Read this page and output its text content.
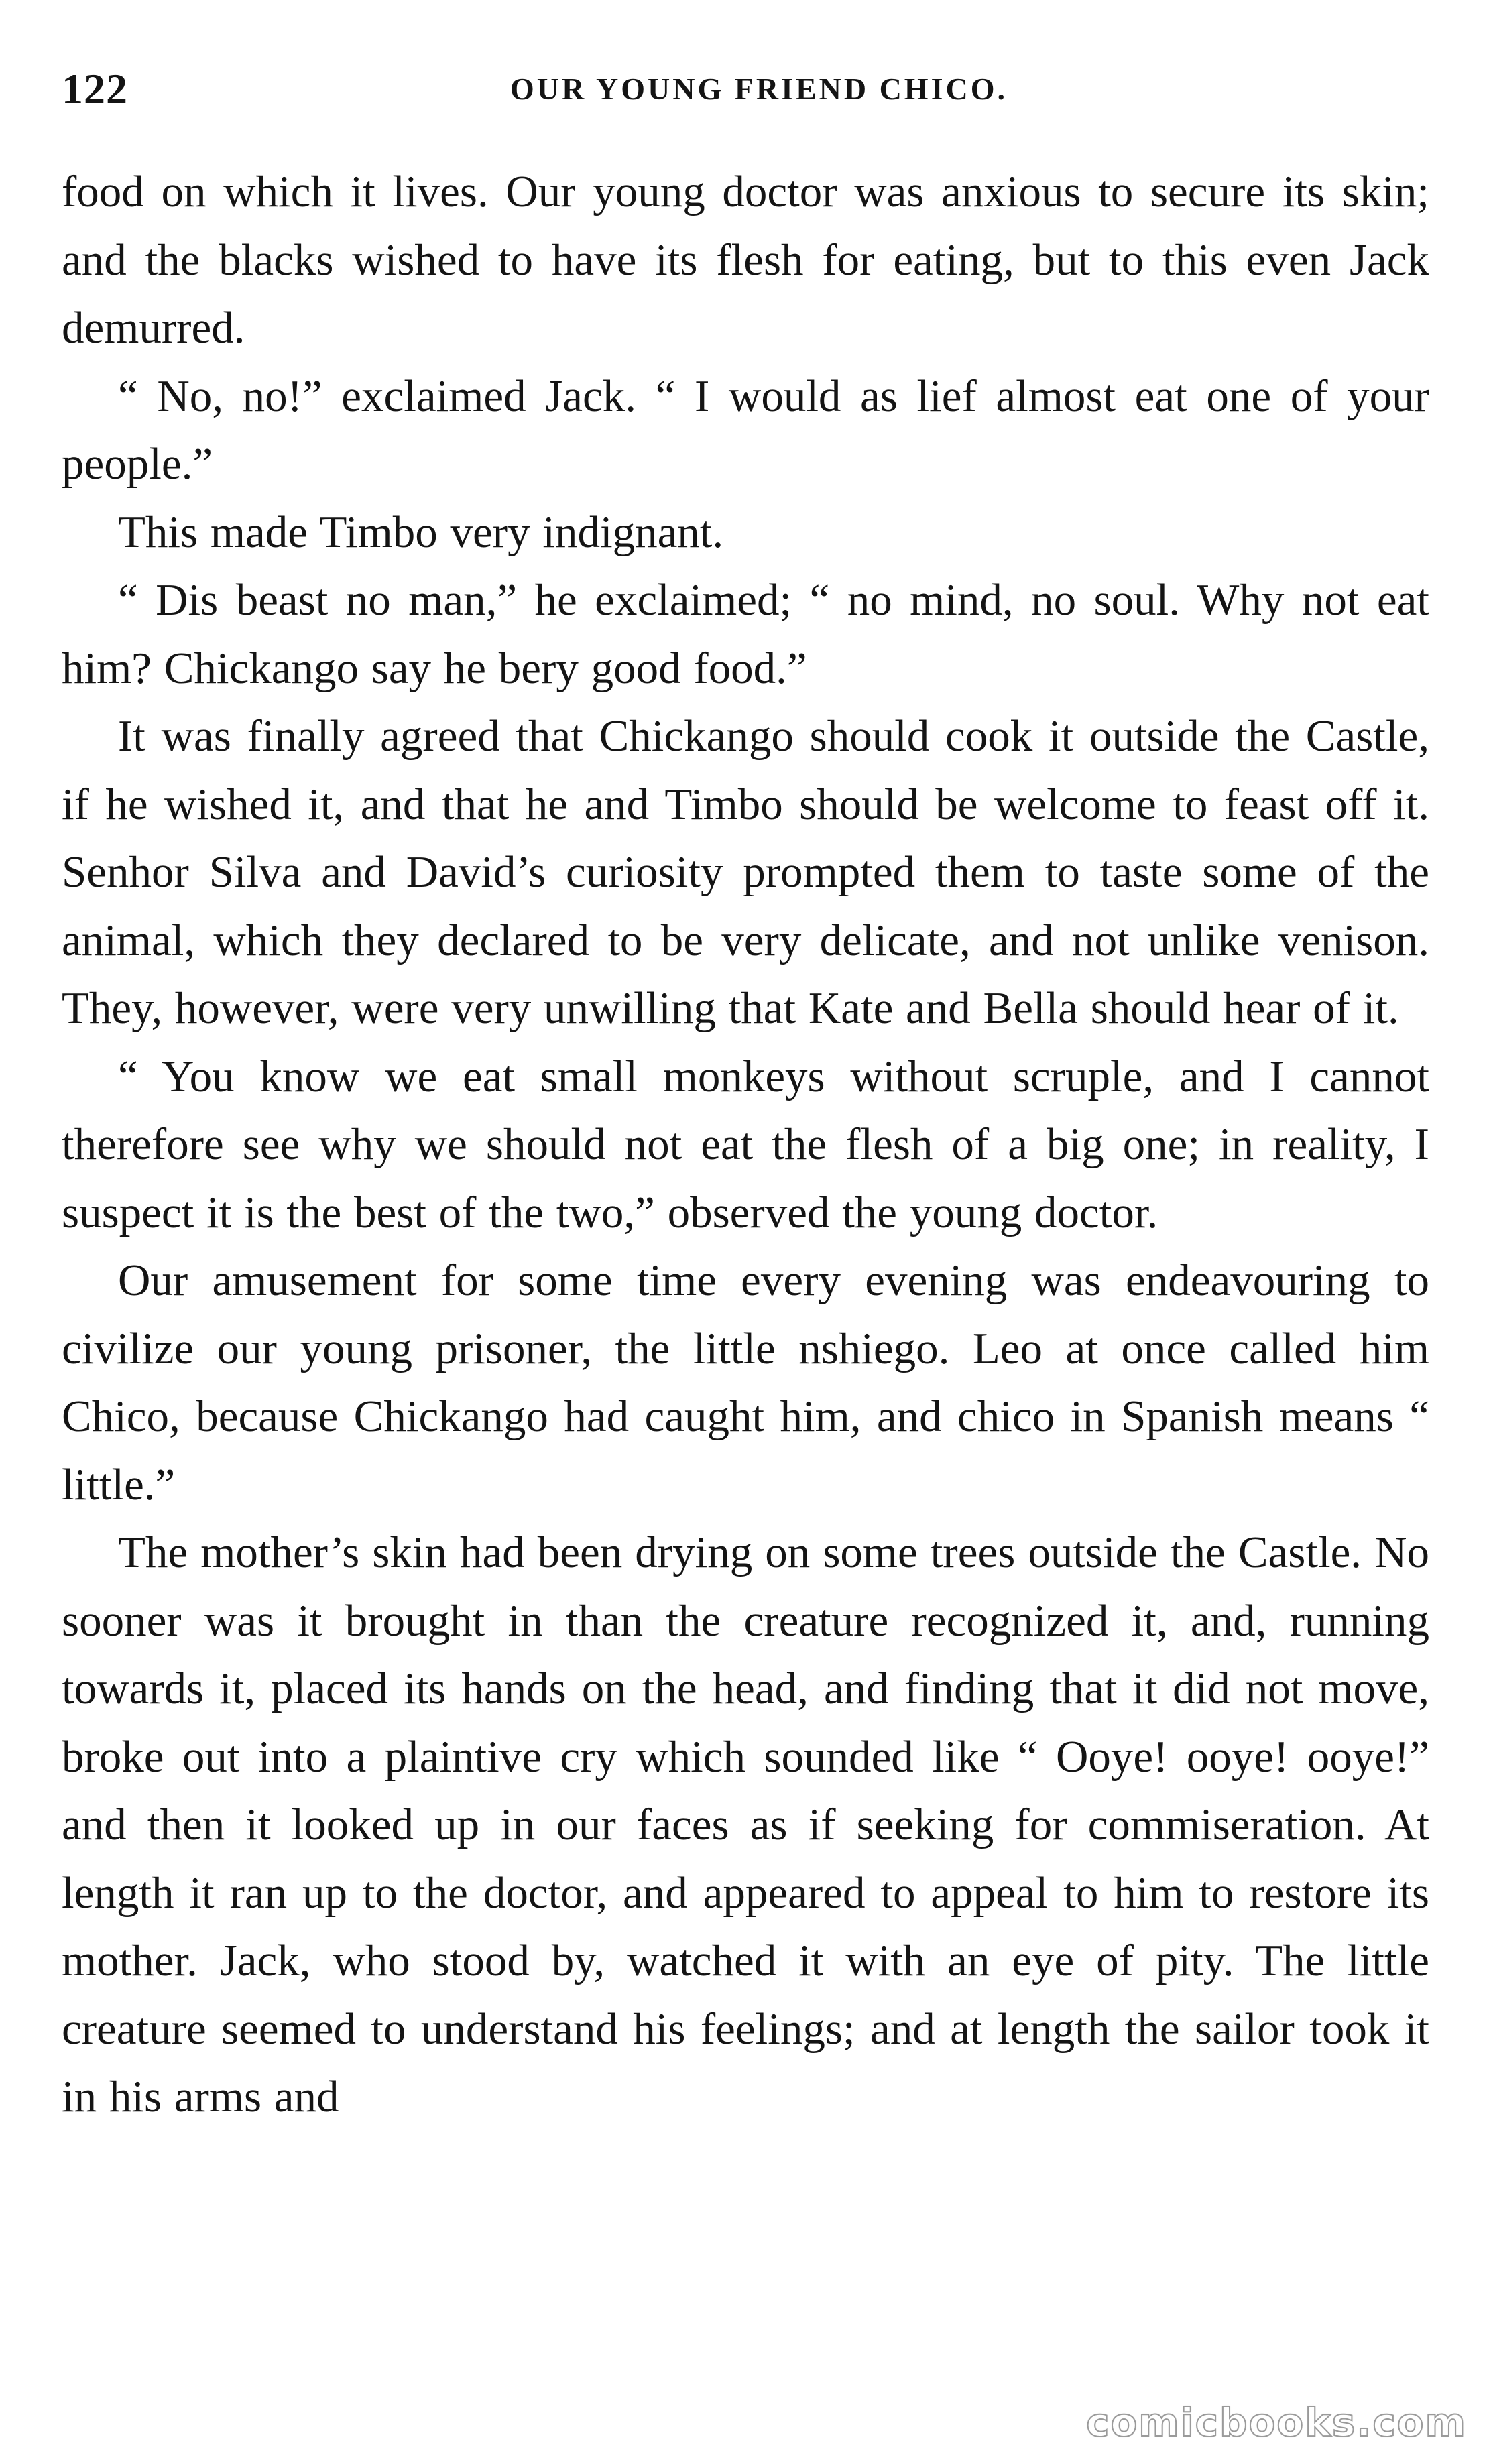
122	OUR YOUNG FRIEND CHICO.

food on which it lives. Our young doctor was anxious to secure its skin; and the blacks wished to have its flesh for eating, but to this even Jack demurred.

“ No, no!” exclaimed Jack. “ I would as lief almost eat one of your people.”

This made Timbo very indignant.

“ Dis beast no man,” he exclaimed; “ no mind, no soul. Why not eat him? Chickango say he bery good food.”

It was finally agreed that Chickango should cook it outside the Castle, if he wished it, and that he and Timbo should be welcome to feast off it. Senhor Silva and David’s curiosity prompted them to taste some of the animal, which they declared to be very delicate, and not unlike venison. They, however, were very unwilling that Kate and Bella should hear of it.

“ You know we eat small monkeys without scruple, and I cannot therefore see why we should not eat the flesh of a big one; in reality, I suspect it is the best of the two,” observed the young doctor.

Our amusement for some time every evening was endeavouring to civilize our young prisoner, the little nshiego. Leo at once called him Chico, because Chickango had caught him, and chico in Spanish means “ little.”

The mother’s skin had been drying on some trees outside the Castle. No sooner was it brought in than the creature recognized it, and, running towards it, placed its hands on the head, and finding that it did not move, broke out into a plaintive cry which sounded like “ Ooye! ooye! ooye!” and then it looked up in our faces as if seeking for commiseration. At length it ran up to the doctor, and appeared to appeal to him to restore its mother. Jack, who stood by, watched it with an eye of pity. The little creature seemed to understand his feelings; and at length the sailor took it in his arms and

comicbooks.com
